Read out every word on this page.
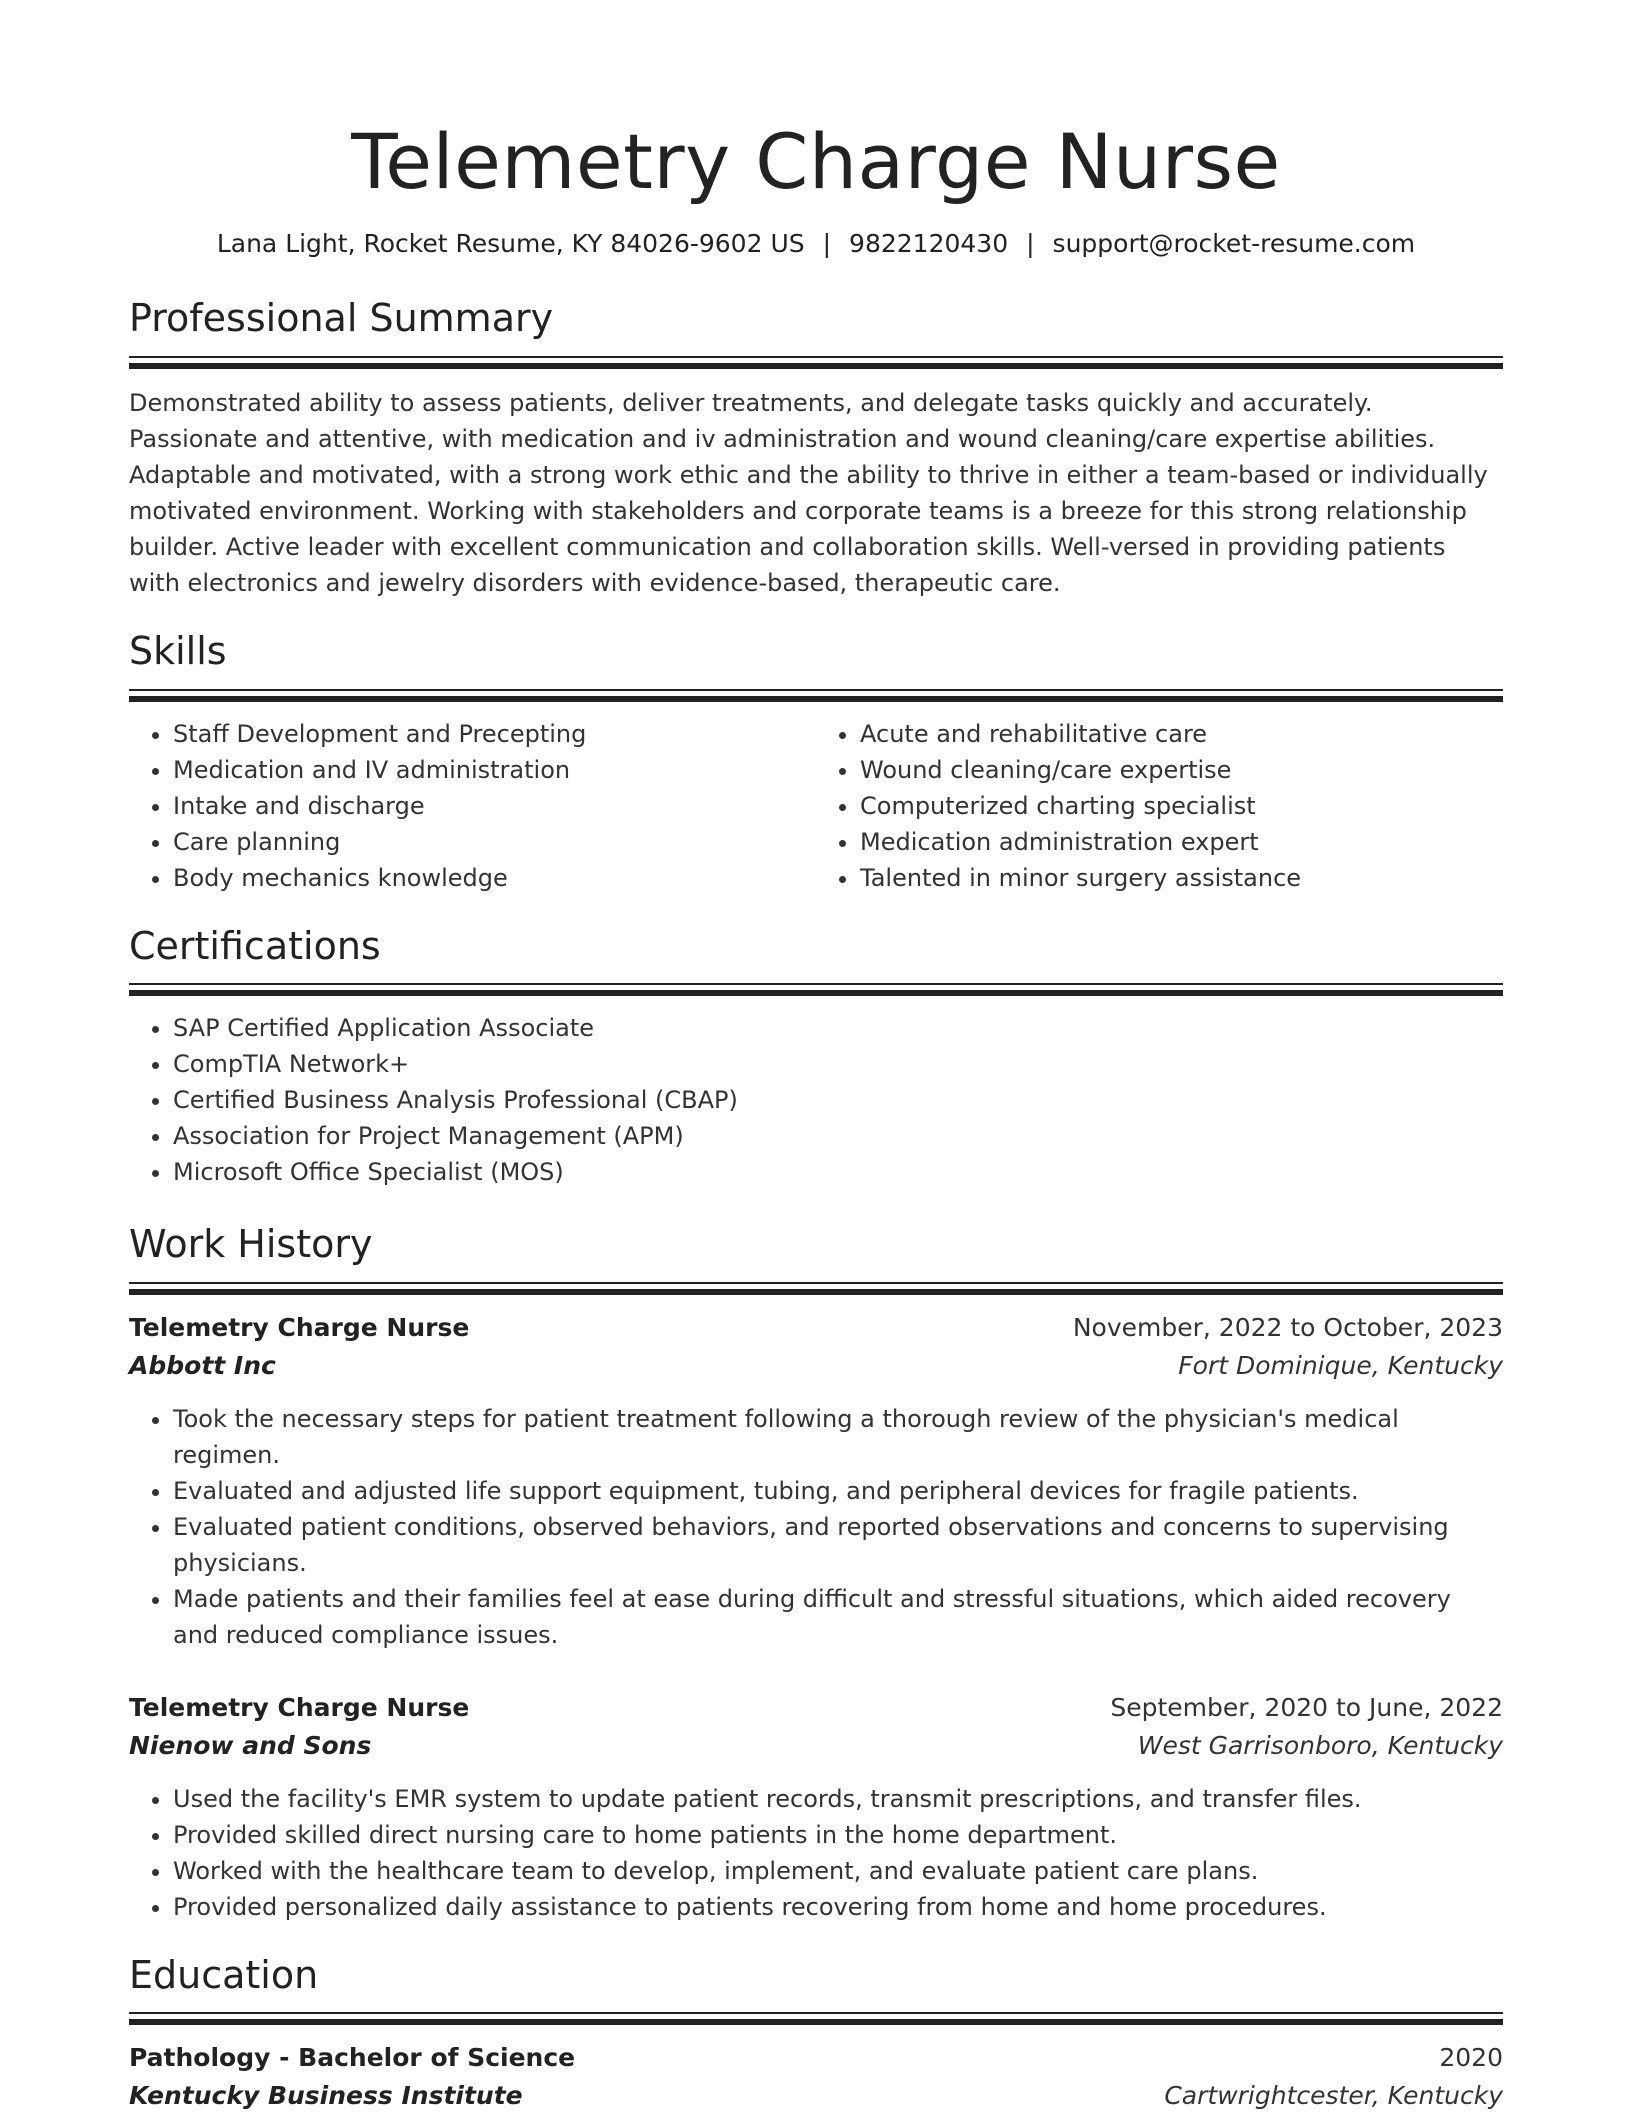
Telemetry Charge Nurse
Lana Light, Rocket Resume, KY 84026-9602 US | 9822120430 | support@rocket-resume.com
Professional Summary

Demonstrated ability to assess patients, deliver treatments, and delegate tasks quickly and accurately. Passionate and attentive, with medication and iv administration and wound cleaning/care expertise abilities. Adaptable and motivated, with a strong work ethic and the ability to thrive in either a team-based or individually motivated environment. Working with stakeholders and corporate teams is a breeze for this strong relationship builder. Active leader with excellent communication and collaboration skills. Well-versed in providing patients with electronics and jewelry disorders with evidence-based, therapeutic care.

Skills
• Staff Development and Precepting
• Medication and IV administration
• Intake and discharge
• Care planning
• Body mechanics knowledge
• Acute and rehabilitative care
• Wound cleaning/care expertise
• Computerized charting specialist
• Medication administration expert
• Talented in minor surgery assistance
Certifications
• SAP Certified Application Associate
• CompTIA Network+
• Certified Business Analysis Professional (CBAP)
• Association for Project Management (APM)
• Microsoft Office Specialist (MOS)
Work History
Telemetry Charge Nurse	November, 2022 to October, 2023
Abbott Inc	Fort Dominique, Kentucky
• Took the necessary steps for patient treatment following a thorough review of the physician's medical regimen.
• Evaluated and adjusted life support equipment, tubing, and peripheral devices for fragile patients.
• Evaluated patient conditions, observed behaviors, and reported observations and concerns to supervising physicians.
• Made patients and their families feel at ease during difficult and stressful situations, which aided recovery and reduced compliance issues.
Telemetry Charge Nurse	September, 2020 to June, 2022
Nienow and Sons	West Garrisonboro, Kentucky
• Used the facility's EMR system to update patient records, transmit prescriptions, and transfer files.
• Provided skilled direct nursing care to home patients in the home department.
• Worked with the healthcare team to develop, implement, and evaluate patient care plans.
• Provided personalized daily assistance to patients recovering from home and home procedures.
Education
Pathology - Bachelor of Science	2020
Kentucky Business Institute	Cartwrightcester, Kentucky
